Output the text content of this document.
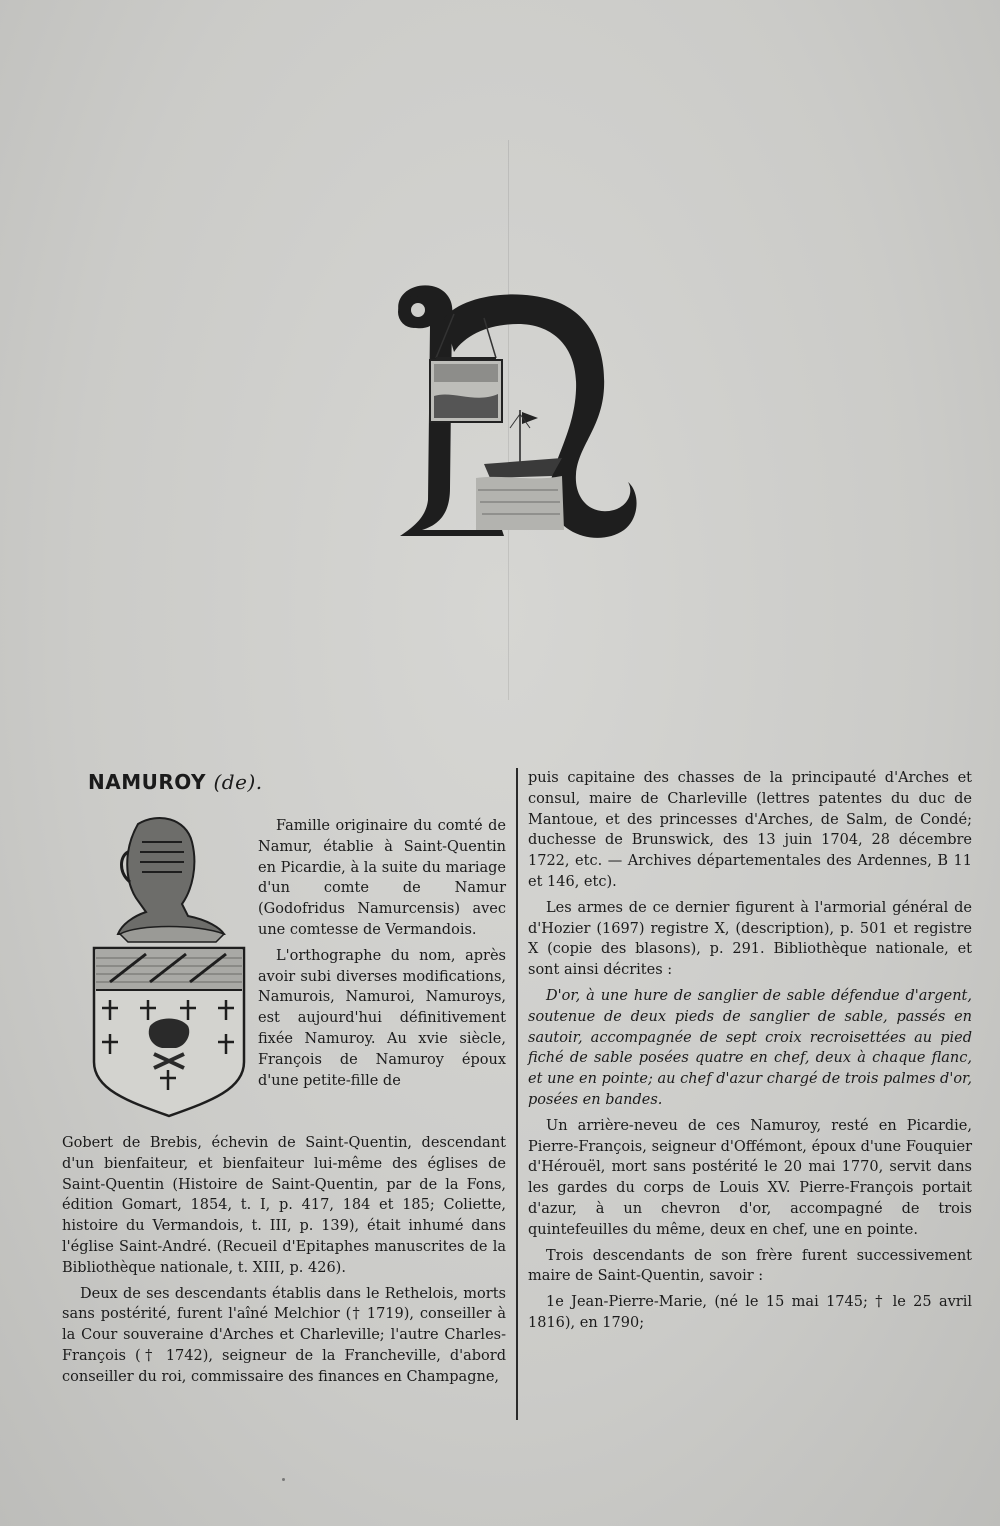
NAMUROY (de).

Famille originaire du comté de Namur, établie à Saint-Quentin en Picardie, à la suite du mariage d'un comte de Namur (Godofridus Namurcensis) avec une comtesse de Vermandois.

L'orthographe du nom, après avoir subi diverses modifications, Namurois, Namuroi, Namuroys, est aujourd'hui définitivement fixée Namuroy. Au xvie siècle, François de Namuroy époux d'une petite-fille de

Gobert de Brebis, échevin de Saint-Quentin, descendant d'un bienfaiteur, et bienfaiteur lui-même des églises de Saint-Quentin (Histoire de Saint-Quentin, par de la Fons, édition Gomart, 1854, t. I, p. 417, 184 et 185; Coliette, histoire du Vermandois, t. III, p. 139), était inhumé dans l'église Saint-André. (Recueil d'Epitaphes manuscrites de la Bibliothèque nationale, t. XIII, p. 426).

Deux de ses descendants établis dans le Rethelois, morts sans postérité, furent l'aîné Melchior († 1719), conseiller à la Cour souveraine d'Arches et Charleville; l'autre Charles-François († 1742), seigneur de la Francheville, d'abord conseiller du roi, commissaire des finances en Champagne,

puis capitaine des chasses de la principauté d'Arches et consul, maire de Charleville (lettres patentes du duc de Mantoue, et des princesses d'Arches, de Salm, de Condé; duchesse de Brunswick, des 13 juin 1704, 28 décembre 1722, etc. — Archives départementales des Ardennes, B 11 et 146, etc).

Les armes de ce dernier figurent à l'armorial général de d'Hozier (1697) registre X, (description), p. 501 et registre X (copie des blasons), p. 291. Bibliothèque nationale, et sont ainsi décrites :

D'or, à une hure de sanglier de sable défendue d'argent, soutenue de deux pieds de sanglier de sable, passés en sautoir, accompagnée de sept croix recroisettées au pied fiché de sable posées quatre en chef, deux à chaque flanc, et une en pointe; au chef d'azur chargé de trois palmes d'or, posées en bandes.

Un arrière-neveu de ces Namuroy, resté en Picardie, Pierre-François, seigneur d'Offémont, époux d'une Fouquier d'Hérouël, mort sans postérité le 20 mai 1770, servit dans les gardes du corps de Louis XV. Pierre-François portait d'azur, à un chevron d'or, accompagné de trois quintefeuilles du même, deux en chef, une en pointe.

Trois descendants de son frère furent successivement maire de Saint-Quentin, savoir :

1e Jean-Pierre-Marie, (né le 15 mai 1745; † le 25 avril 1816), en 1790;
